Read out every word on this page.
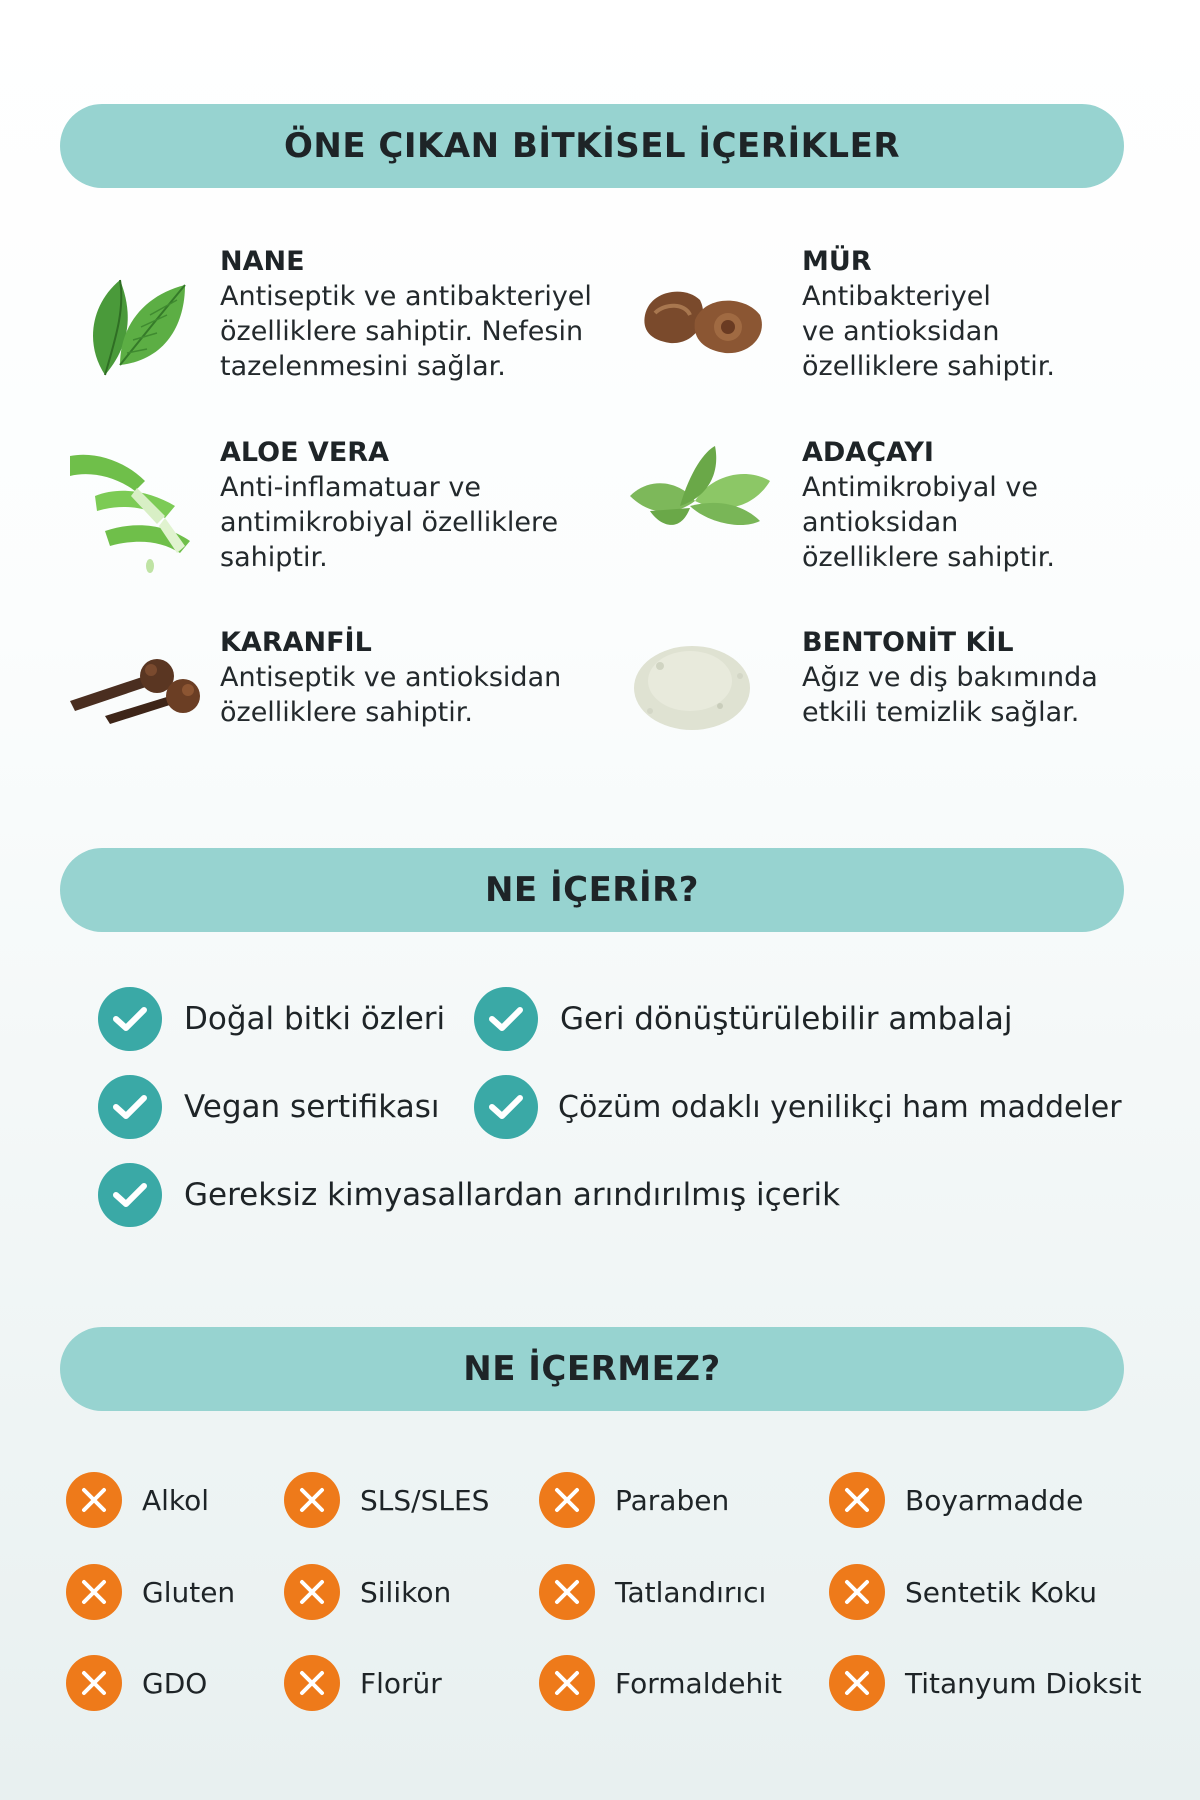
ÖNE ÇIKAN BİTKİSEL İÇERİKLER
NANE
Antiseptik ve antibakteriyel
özelliklere sahiptir. Nefesin
tazelenmesini sağlar.
MÜR
Antibakteriyel
ve antioksidan
özelliklere sahiptir.
ALOE VERA
Anti-inflamatuar ve
antimikrobiyal özelliklere
sahiptir.
ADAÇAYI
Antimikrobiyal ve
antioksidan
özelliklere sahiptir.
KARANFİL
Antiseptik ve antioksidan
özelliklere sahiptir.
BENTONİT KİL
Ağız ve diş bakımında
etkili temizlik sağlar.
NE İÇERİR?
Doğal bitki özleri	Geri dönüştürülebilir ambalaj
Vegan sertifikası	Çözüm odaklı yenilikçi ham maddeler
Gereksiz kimyasallardan arındırılmış içerik
NE İÇERMEZ?
Alkol	SLS/SLES	Paraben	Boyarmadde
Gluten	Silikon	Tatlandırıcı	Sentetik Koku
GDO	Florür	Formaldehit	Titanyum Dioksit
